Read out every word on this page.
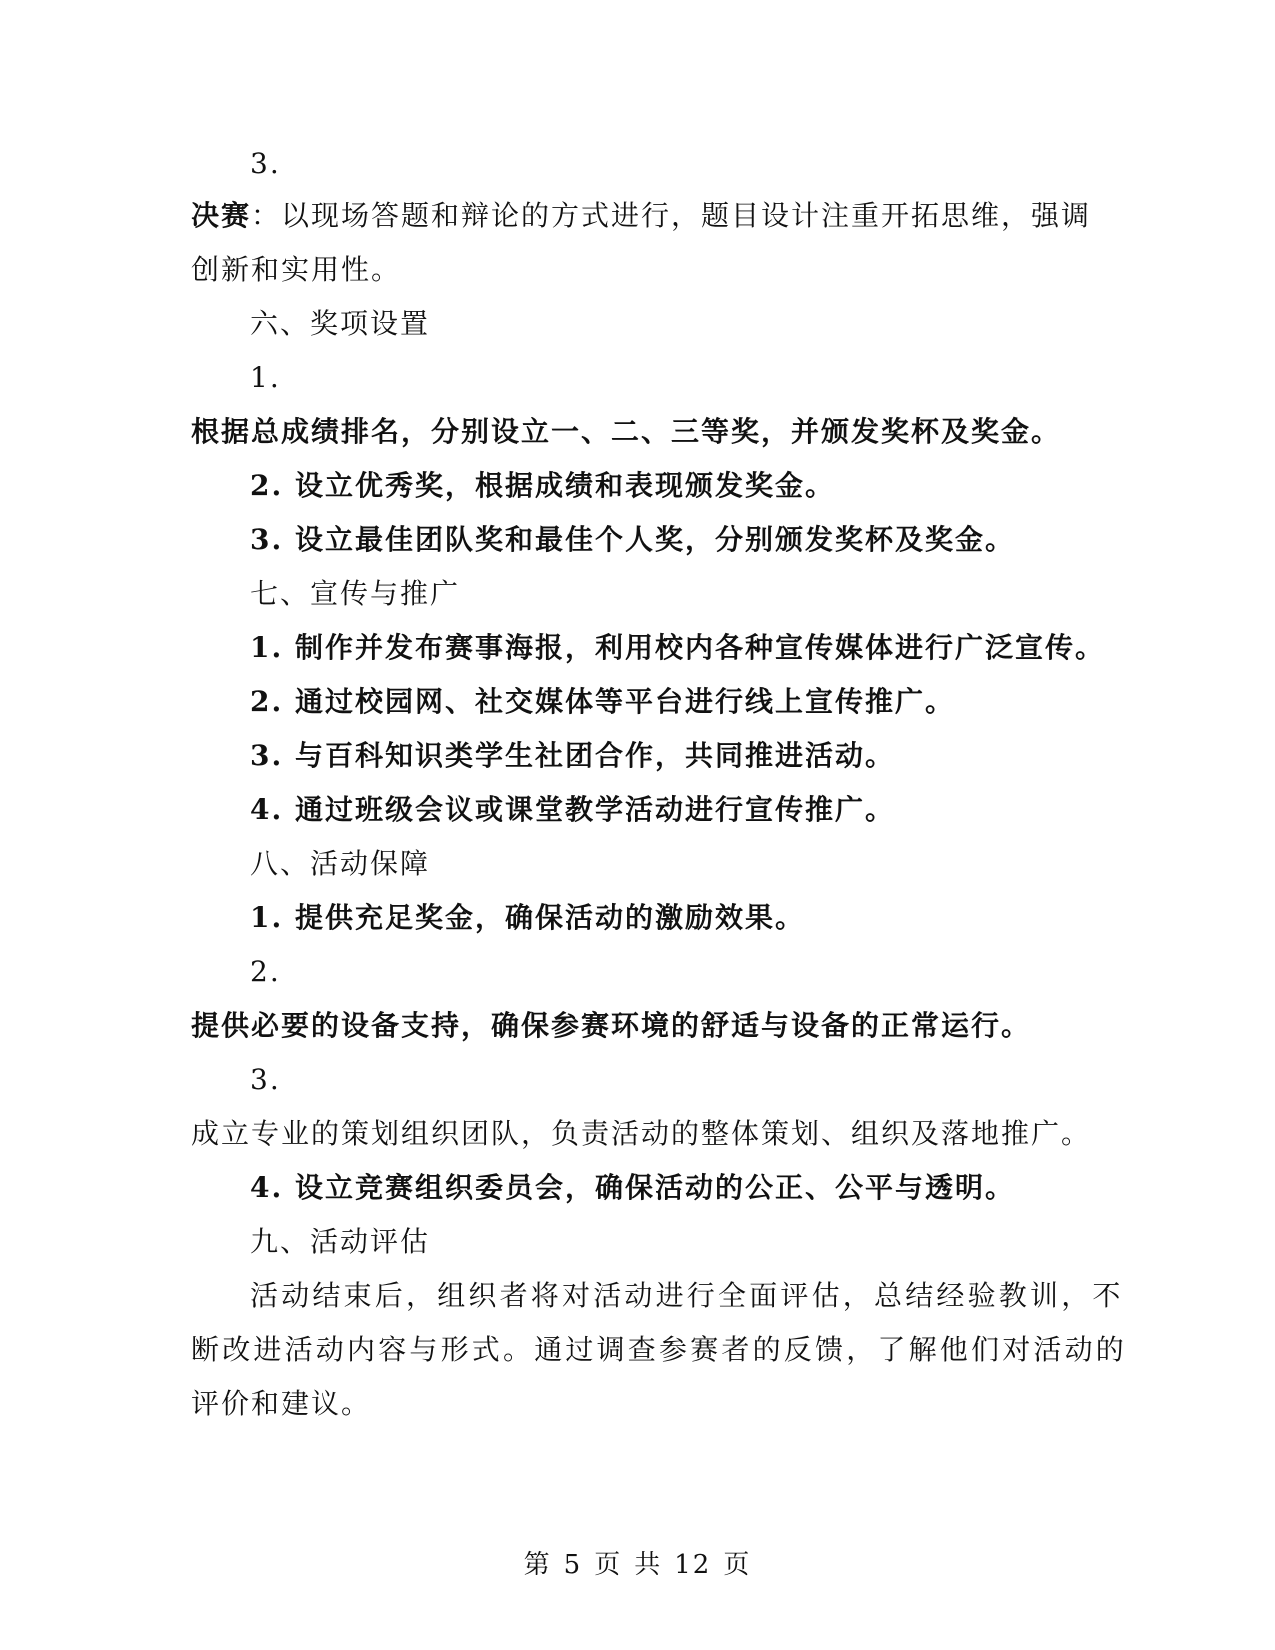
3.
决赛：以现场答题和辩论的方式进行，题目设计注重开拓思维，强调
创新和实用性。
六、奖项设置
1.
根据总成绩排名，分别设立一、二、三等奖，并颁发奖杯及奖金。
2. 设立优秀奖，根据成绩和表现颁发奖金。
3. 设立最佳团队奖和最佳个人奖，分别颁发奖杯及奖金。
七、宣传与推广
1. 制作并发布赛事海报，利用校内各种宣传媒体进行广泛宣传。
2. 通过校园网、社交媒体等平台进行线上宣传推广。
3. 与百科知识类学生社团合作，共同推进活动。
4. 通过班级会议或课堂教学活动进行宣传推广。
八、活动保障
1. 提供充足奖金，确保活动的激励效果。
2.
提供必要的设备支持，确保参赛环境的舒适与设备的正常运行。
3.
成立专业的策划组织团队，负责活动的整体策划、组织及落地推广。
4. 设立竞赛组织委员会，确保活动的公正、公平与透明。
九、活动评估
活动结束后，组织者将对活动进行全面评估，总结经验教训，不
断改进活动内容与形式。通过调查参赛者的反馈，了解他们对活动的
评价和建议。
第 5 页 共 12 页
